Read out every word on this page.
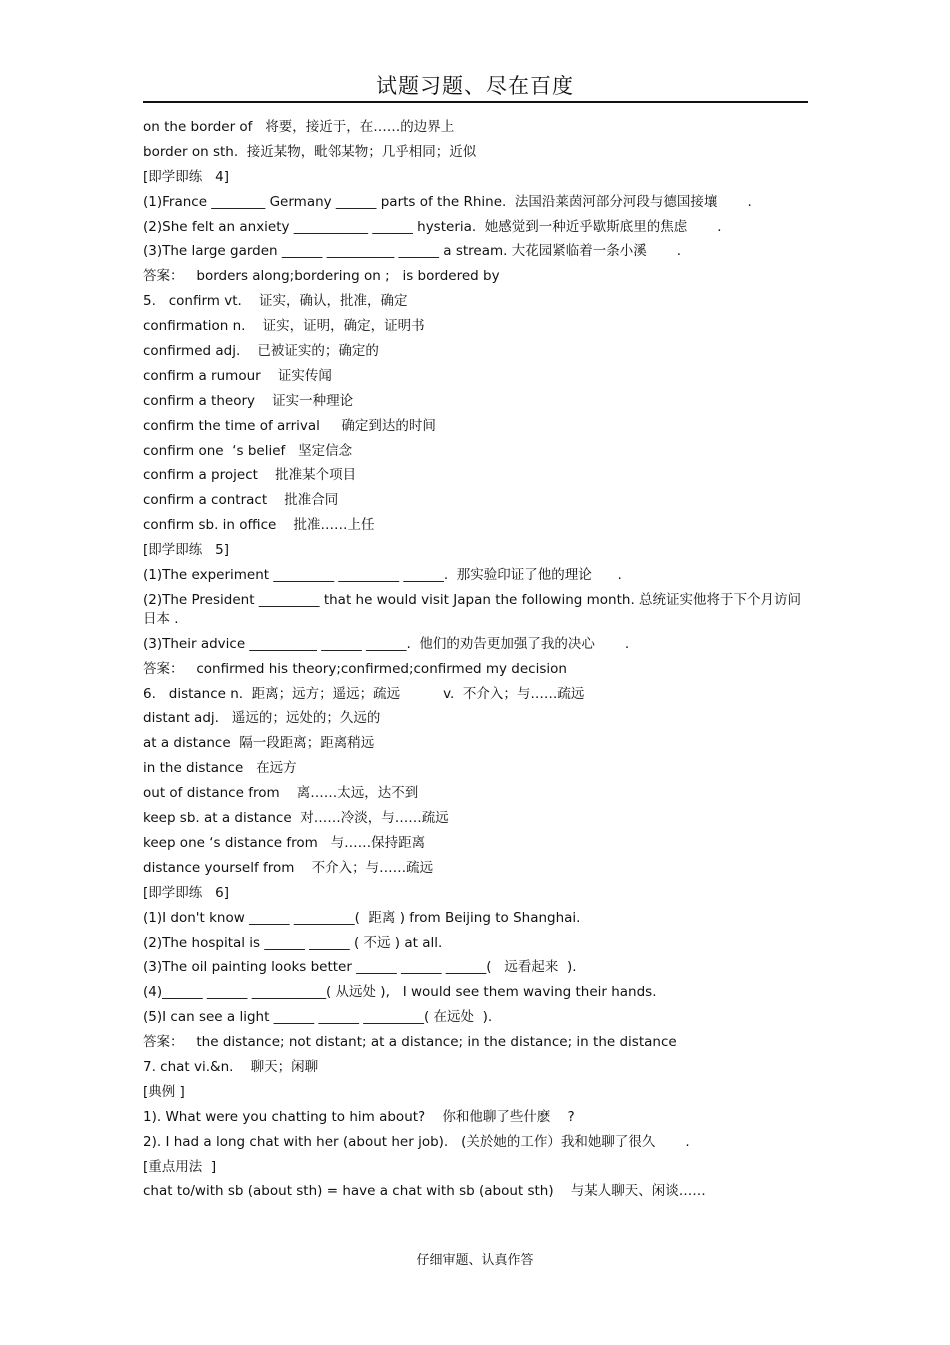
试题习题、尽在百度
on the border of   将要，接近于，在……的边界上
border on sth.  接近某物，毗邻某物；几乎相同；近似
[即学即练   4]
(1)France ________ Germany ______ parts of the Rhine.  法国沿莱茵河部分河段与德国接壤       .
(2)She felt an anxiety ___________ ______ hysteria.  她感觉到一种近乎歇斯底里的焦虑       .
(3)The large garden ______ __________ ______ a stream. 大花园紧临着一条小溪       .
答案：   borders along;bordering on ;   is bordered by
5.   confirm vt.    证实，确认，批准，确定
confirmation n.    证实，证明，确定，证明书
confirmed adj.    已被证实的；确定的
confirm a rumour    证实传闻
confirm a theory    证实一种理论
confirm the time of arrival     确定到达的时间
confirm one  ‘s belief   坚定信念
confirm a project    批准某个项目
confirm a contract    批准合同
confirm sb. in office    批准……上任
[即学即练   5]
(1)The experiment _________ _________ ______.  那实验印证了他的理论      .
(2)The President _________ that he would visit Japan the following month. 总统证实他将于下个月访问日本 .
(3)Their advice __________ ______ ______.  他们的劝告更加强了我的决心       .
答案：   confirmed his theory;confirmed;confirmed my decision
6.   distance n.  距离；远方；遥远；疏远          v.  不介入；与……疏远
distant adj.   遥远的；远处的；久远的
at a distance  隔一段距离；距离稍远
in the distance   在远方
out of distance from    离……太远，达不到
keep sb. at a distance  对……冷淡，与……疏远
keep one ‘s distance from   与……保持距离
distance yourself from    不介入；与……疏远
[即学即练   6]
(1)I don't know ______ _________(  距离 ) from Beijing to Shanghai.
(2)The hospital is ______ ______ ( 不远 ) at all.
(3)The oil painting looks better ______ ______ ______(   远看起来  ).
(4)______ ______ ___________( 从远处 ),   I would see them waving their hands.
(5)I can see a light ______ ______ _________( 在远处  ).
答案：   the distance; not distant; at a distance; in the distance; in the distance
7. chat vi.&n.    聊天；闲聊
[典例 ]
1). What were you chatting to him about?    你和他聊了些什麽    ?
2). I had a long chat with her (about her job).   (关於她的工作）我和她聊了很久       .
[重点用法  ]
chat to/with sb (about sth) = have a chat with sb (about sth)    与某人聊天、闲谈……
仔细审题、认真作答
